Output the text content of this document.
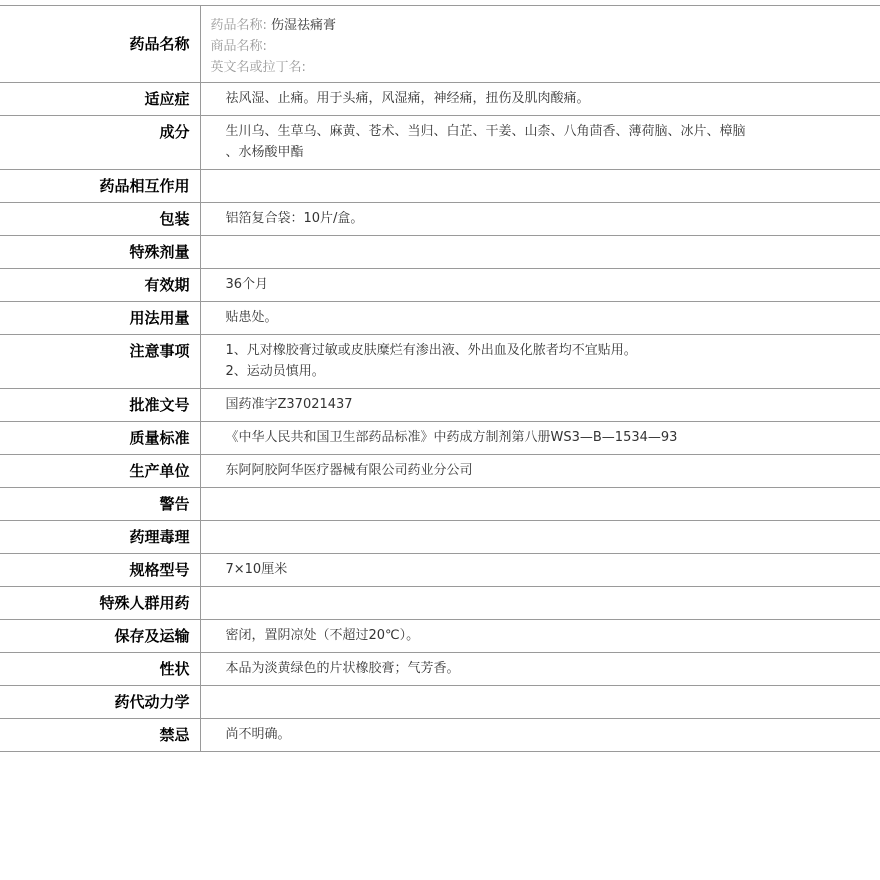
药品名称	药品名称: 伤湿祛痛膏
商品名称:
英文名或拉丁名:

适应症	祛风湿、止痛。用于头痛，风湿痛，神经痛，扭伤及肌肉酸痛。

成分	生川乌、生草乌、麻黄、苍术、当归、白芷、干姜、山柰、八角茴香、薄荷脑、冰片、樟脑
、水杨酸甲酯

药品相互作用	

包装	铝箔复合袋：10片/盒。

特殊剂量	

有效期	36个月

用法用量	贴患处。

注意事项	1、凡对橡胶膏过敏或皮肤糜烂有渗出液、外出血及化脓者均不宜贴用。
2、运动员慎用。

批准文号	国药准字Z37021437

质量标准	《中华人民共和国卫生部药品标准》中药成方制剂第八册WS3—B—1534—93

生产单位	东阿阿胶阿华医疗器械有限公司药业分公司

警告	

药理毒理	

规格型号	7×10厘米

特殊人群用药	

保存及运输	密闭，置阴凉处（不超过20℃）。

性状	本品为淡黄绿色的片状橡胶膏；气芳香。

药代动力学	

禁忌	尚不明确。
